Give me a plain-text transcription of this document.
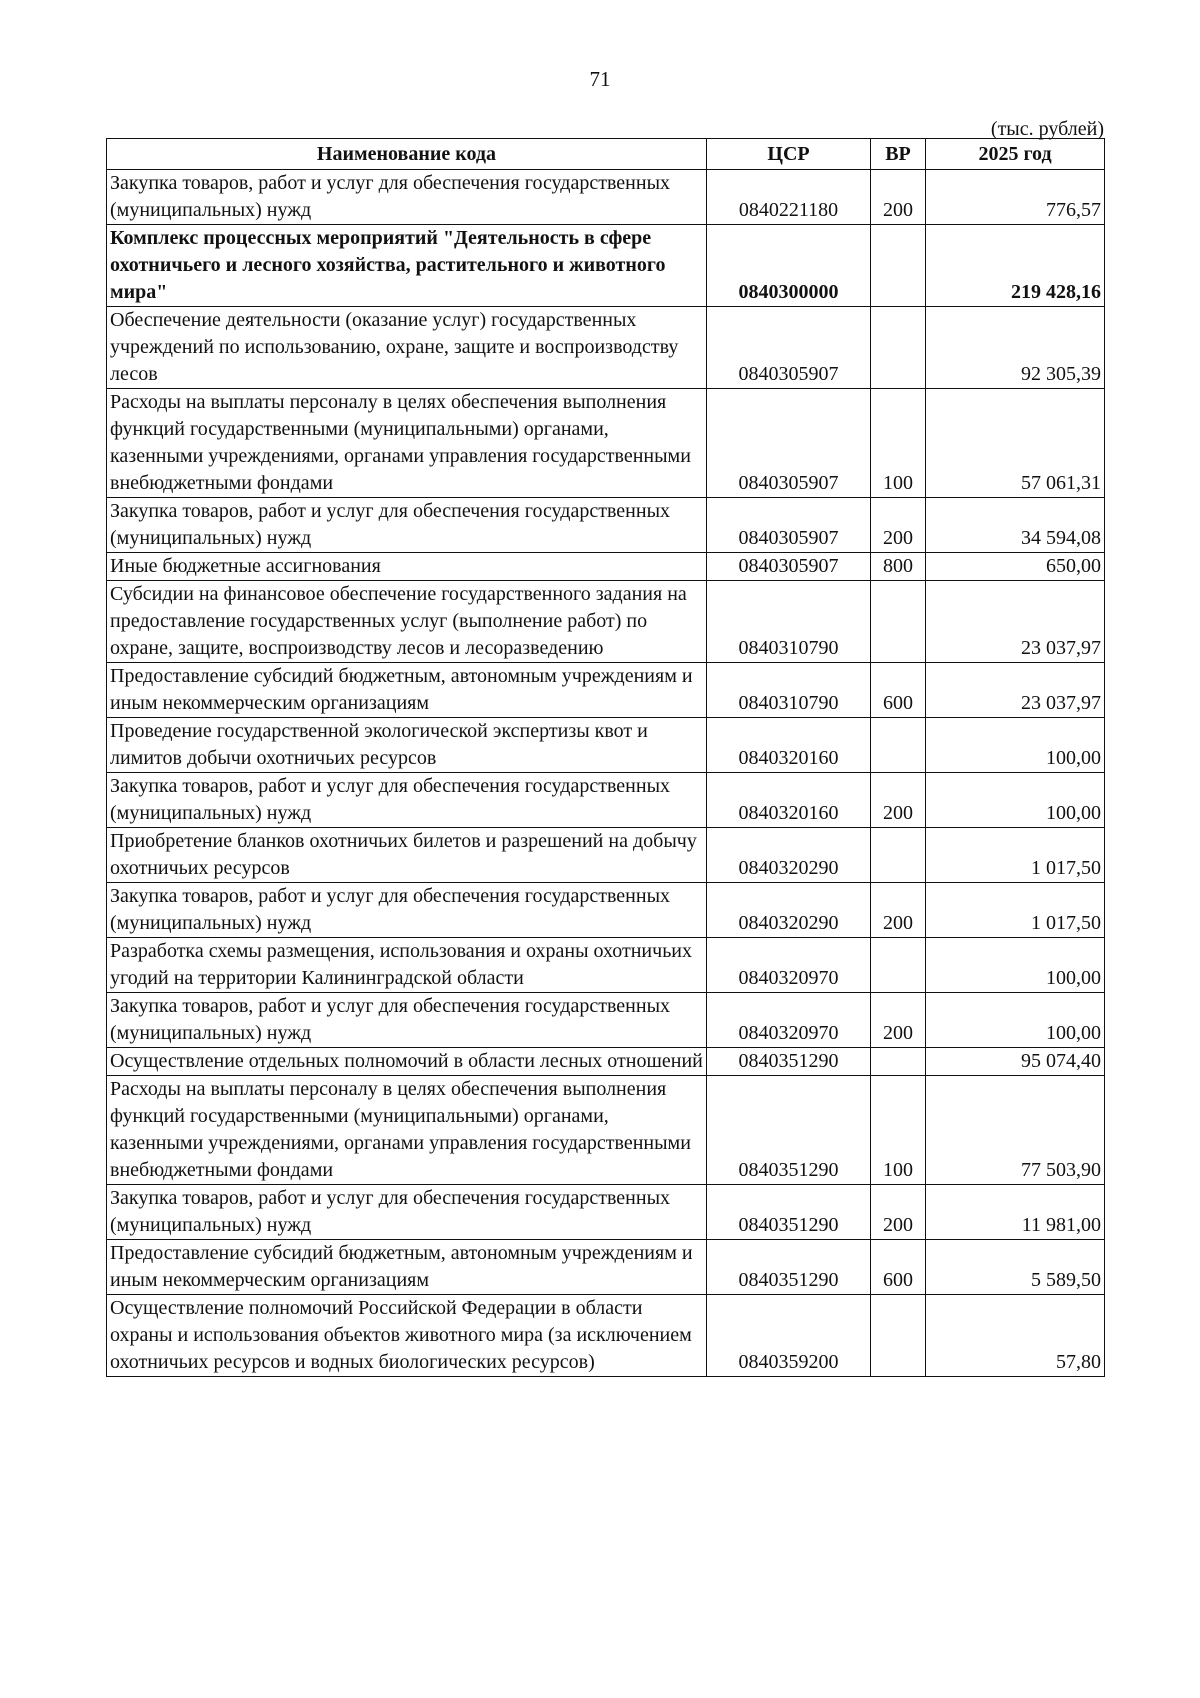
71
(тыс. рублей)
Наименование кода	ЦСР	ВР	2025 год
Закупка товаров, работ и услуг для обеспечения государственных (муниципальных) нужд	0840221180	200	776,57
Комплекс процессных мероприятий "Деятельность в сфере охотничьего и лесного хозяйства, растительного и животного мира"	0840300000		219 428,16
Обеспечение деятельности (оказание услуг) государственных учреждений по использованию, охране, защите и воспроизводству лесов	0840305907		92 305,39
Расходы на выплаты персоналу в целях обеспечения выполнения функций государственными (муниципальными) органами, казенными учреждениями, органами управления государственными внебюджетными фондами	0840305907	100	57 061,31
Закупка товаров, работ и услуг для обеспечения государственных (муниципальных) нужд	0840305907	200	34 594,08
Иные бюджетные ассигнования	0840305907	800	650,00
Субсидии на финансовое обеспечение государственного задания на предоставление государственных услуг (выполнение работ) по охране, защите, воспроизводству лесов и лесоразведению	0840310790		23 037,97
Предоставление субсидий бюджетным, автономным учреждениям и иным некоммерческим организациям	0840310790	600	23 037,97
Проведение государственной экологической экспертизы квот и лимитов добычи охотничьих ресурсов	0840320160		100,00
Закупка товаров, работ и услуг для обеспечения государственных (муниципальных) нужд	0840320160	200	100,00
Приобретение бланков охотничьих билетов и разрешений на добычу охотничьих ресурсов	0840320290		1 017,50
Закупка товаров, работ и услуг для обеспечения государственных (муниципальных) нужд	0840320290	200	1 017,50
Разработка схемы размещения, использования и охраны охотничьих угодий на территории Калининградской области	0840320970		100,00
Закупка товаров, работ и услуг для обеспечения государственных (муниципальных) нужд	0840320970	200	100,00
Осуществление отдельных полномочий в области лесных отношений	0840351290		95 074,40
Расходы на выплаты персоналу в целях обеспечения выполнения функций государственными (муниципальными) органами, казенными учреждениями, органами управления государственными внебюджетными фондами	0840351290	100	77 503,90
Закупка товаров, работ и услуг для обеспечения государственных (муниципальных) нужд	0840351290	200	11 981,00
Предоставление субсидий бюджетным, автономным учреждениям и иным некоммерческим организациям	0840351290	600	5 589,50
Осуществление полномочий Российской Федерации в области охраны и использования объектов животного мира (за исключением охотничьих ресурсов и водных биологических ресурсов)	0840359200		57,80
